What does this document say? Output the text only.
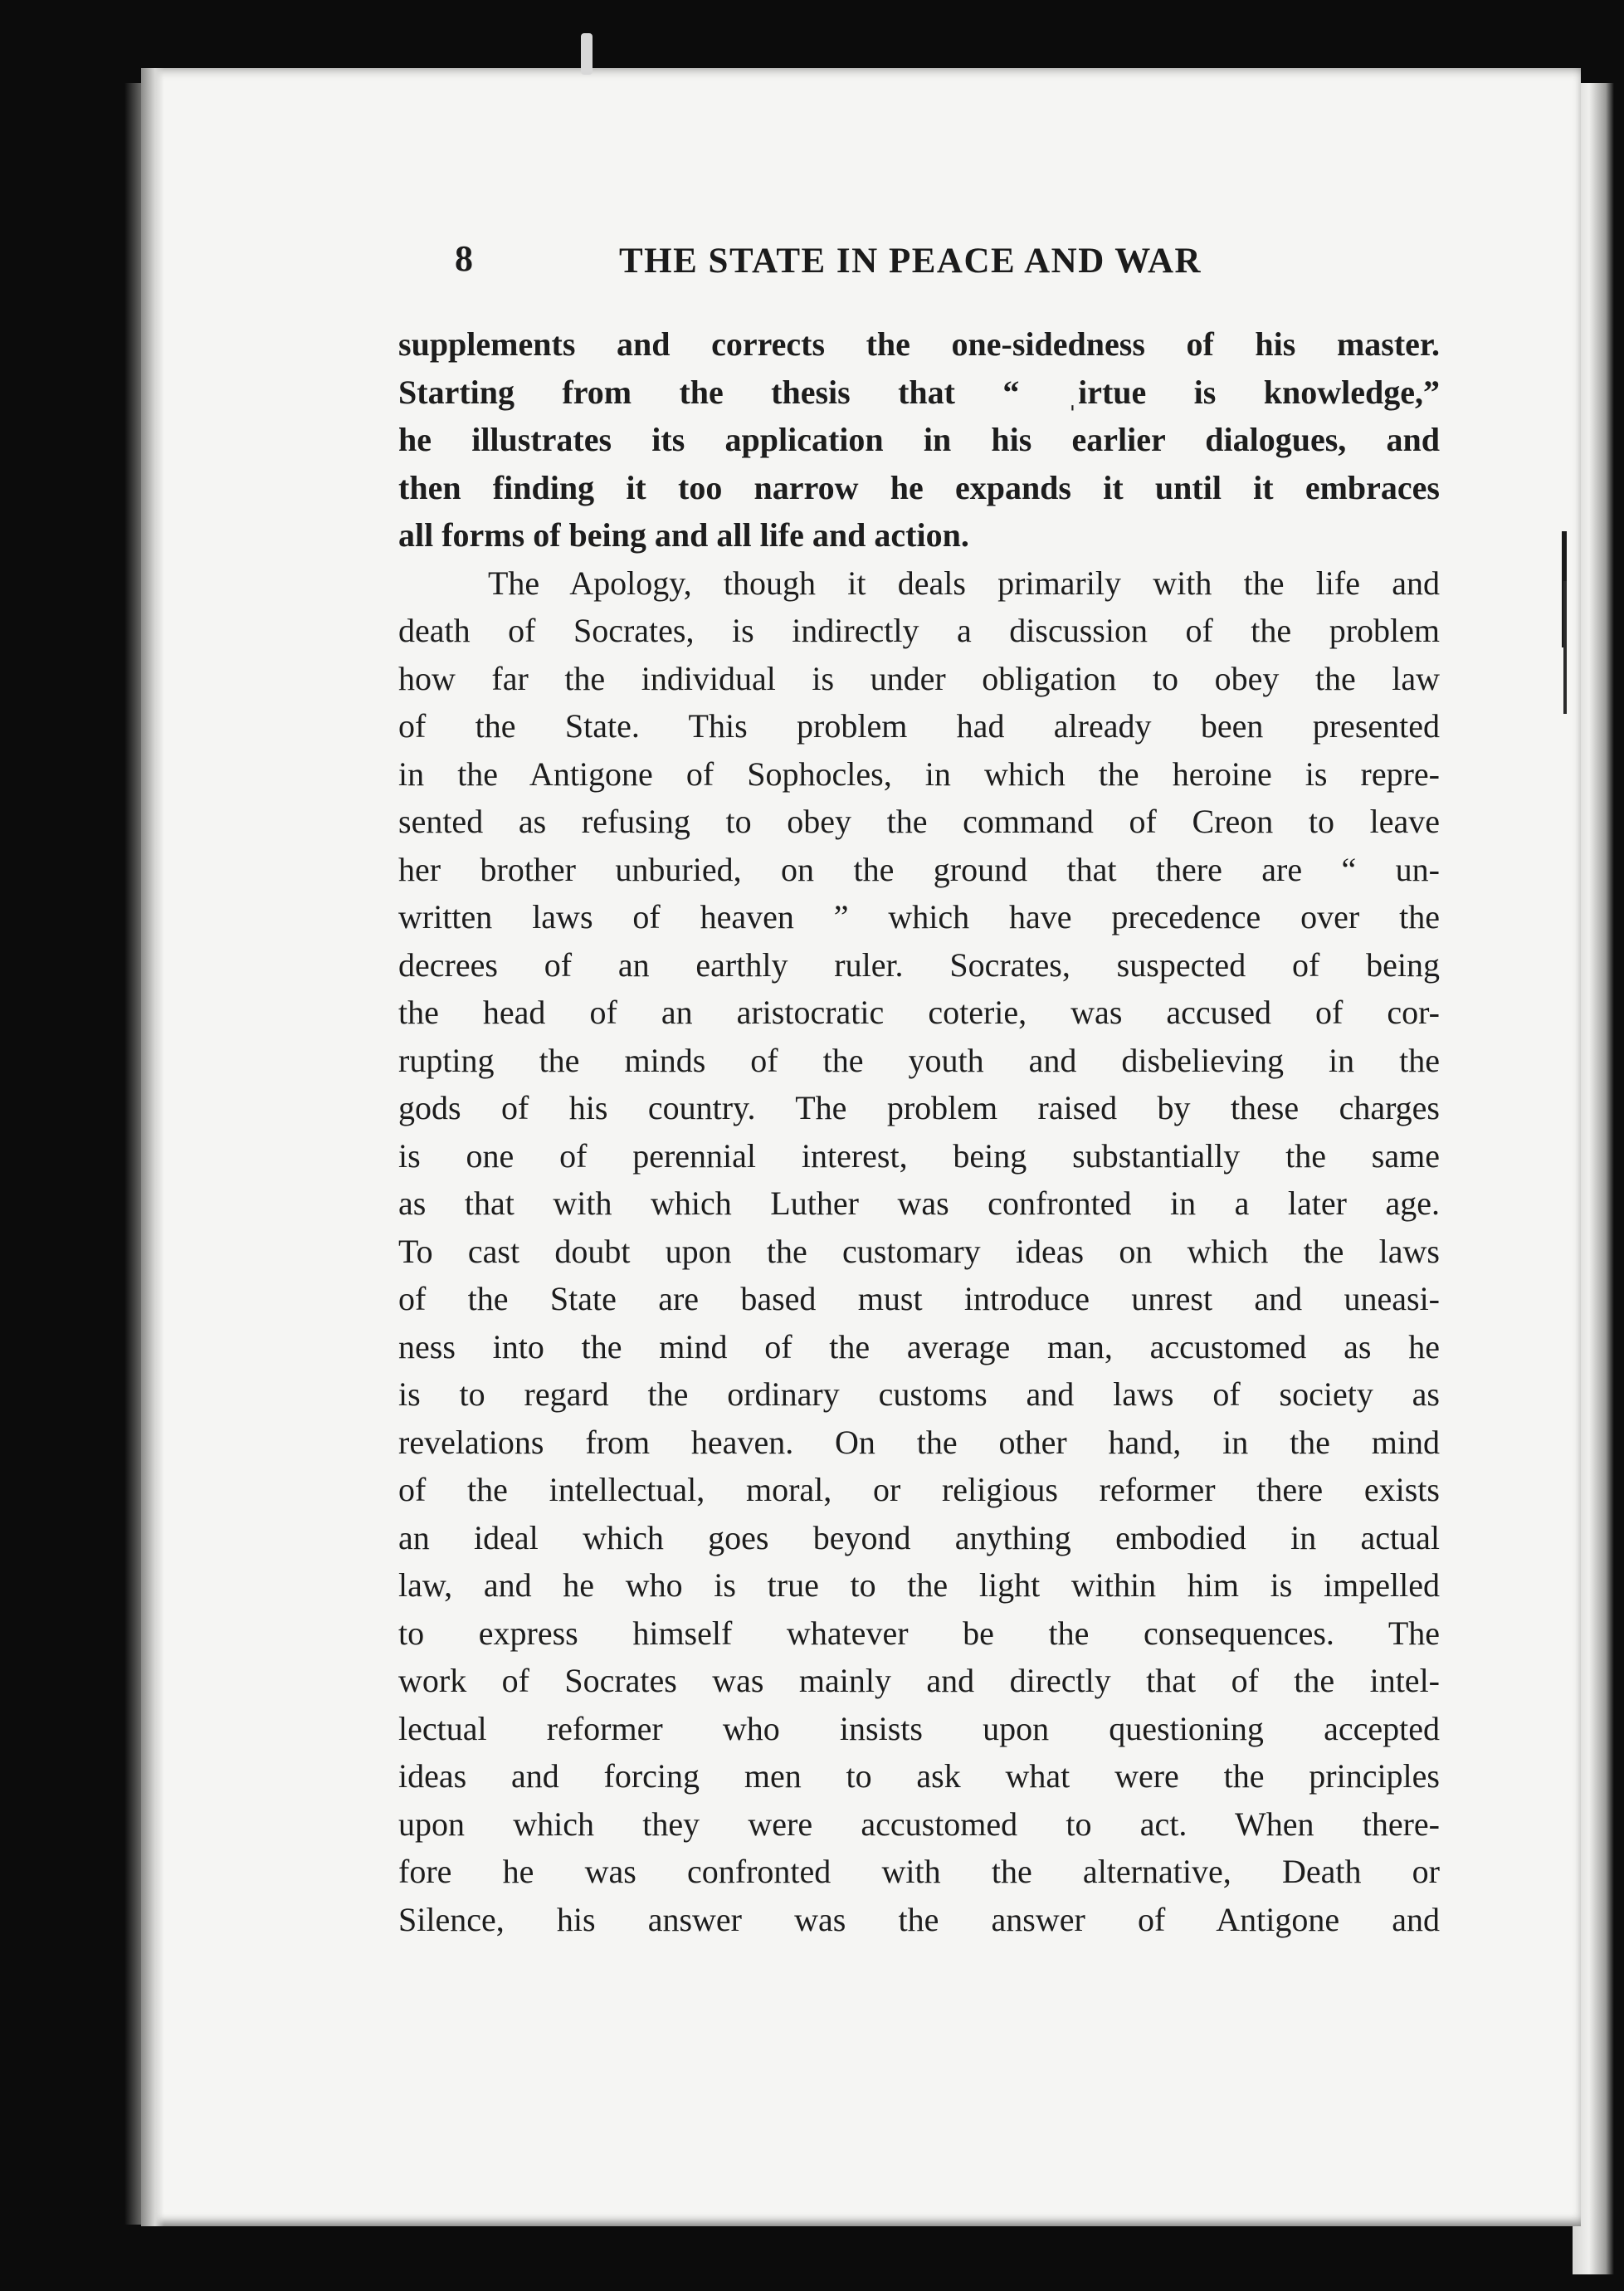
8	THE STATE IN PEACE AND WAR
supplements and corrects the one-sidedness of his master.
Starting from the thesis that “ ˌirtue is knowledge,”
he illustrates its application in his earlier dialogues, and
then finding it too narrow he expands it until it embraces
all forms of being and all life and action.
The Apology, though it deals primarily with the life and
death of Socrates, is indirectly a discussion of the problem
how far the individual is under obligation to obey the law
of the State. This problem had already been presented
in the Antigone of Sophocles, in which the heroine is repre-
sented as refusing to obey the command of Creon to leave
her brother unburied, on the ground that there are “ un-
written laws of heaven ” which have precedence over the
decrees of an earthly ruler. Socrates, suspected of being
the head of an aristocratic coterie, was accused of cor-
rupting the minds of the youth and disbelieving in the
gods of his country. The problem raised by these charges
is one of perennial interest, being substantially the same
as that with which Luther was confronted in a later age.
To cast doubt upon the customary ideas on which the laws
of the State are based must introduce unrest and uneasi-
ness into the mind of the average man, accustomed as he
is to regard the ordinary customs and laws of society as
revelations from heaven. On the other hand, in the mind
of the intellectual, moral, or religious reformer there exists
an ideal which goes beyond anything embodied in actual
law, and he who is true to the light within him is impelled
to express himself whatever be the consequences. The
work of Socrates was mainly and directly that of the intel-
lectual reformer who insists upon questioning accepted
ideas and forcing men to ask what were the principles
upon which they were accustomed to act. When there-
fore he was confronted with the alternative, Death or
Silence, his answer was the answer of Antigone and
